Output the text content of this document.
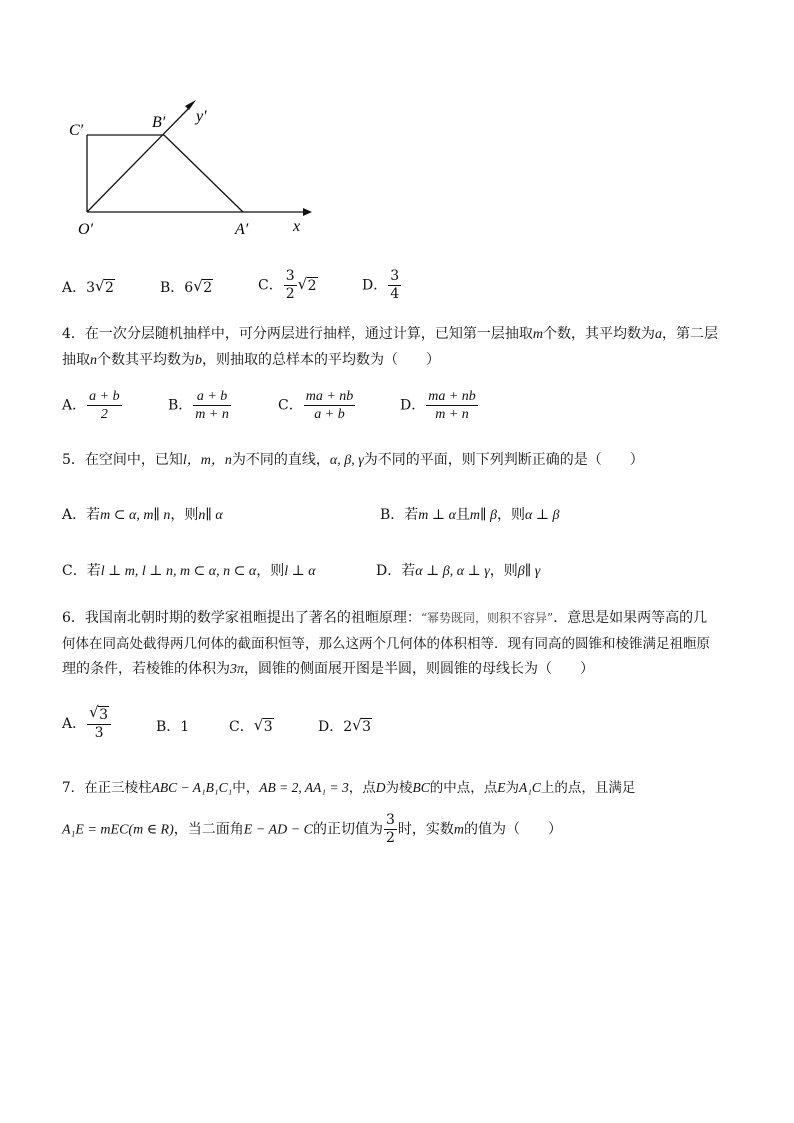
C′	B′ y′
O′	A′	x
A．3 √ 2	B．6 √ 2	C． $\frac{3}{2}$ √ 2	D． $\frac{3}{4}$
4．在一次分层随机抽样中，可分两层进行抽样，通过计算，已知第一层抽取m个数，其平均数为a，第二层
抽取n个数其平均数为b，则抽取的总样本的平均数为（　　）
A． $\frac{a + b}{2}$	B． $\frac{a + b}{m + n}$	C． $\frac{ma + nb}{a + b}$	D． $\frac{ma + nb}{m + n}$
5．在空间中，已知l，m，n为不同的直线，α, β, γ为不同的平面，则下列判断正确的是（　　）
A．若m ⊂ α, m∥ n，则n∥ α	B．若m ⊥ α且m∥ β，则α ⊥ β
C．若l ⊥ m, l ⊥ n, m ⊂ α, n ⊂ α，则l ⊥ α	D．若α ⊥ β, α ⊥ γ，则β∥ γ
6．我国南北朝时期的数学家祖暅提出了著名的祖暅原理：“幂势既同，则积不容异”．意思是如果两等高的几
何体在同高处截得两几何体的截面积恒等，那么这两个几何体的体积相等．现有同高的圆锥和棱锥满足祖暅原
理的条件，若棱锥的体积为3π，圆锥的侧面展开图是半圆，则圆锥的母线长为（　　）
A． √ $\frac{3}{3}$	B．1	C． √ 3	D．2 √ 3
7．在正三棱柱ABC − A₁B₁C₁中，AB = 2, AA₁ = 3，点D为棱BC的中点，点E为A₁C上的点，且满足
A₁E = mEC(m ∈ R)，当二面角E − AD − C的正切值为 $\frac{3}{2}$ 时，实数m的值为（　　）
